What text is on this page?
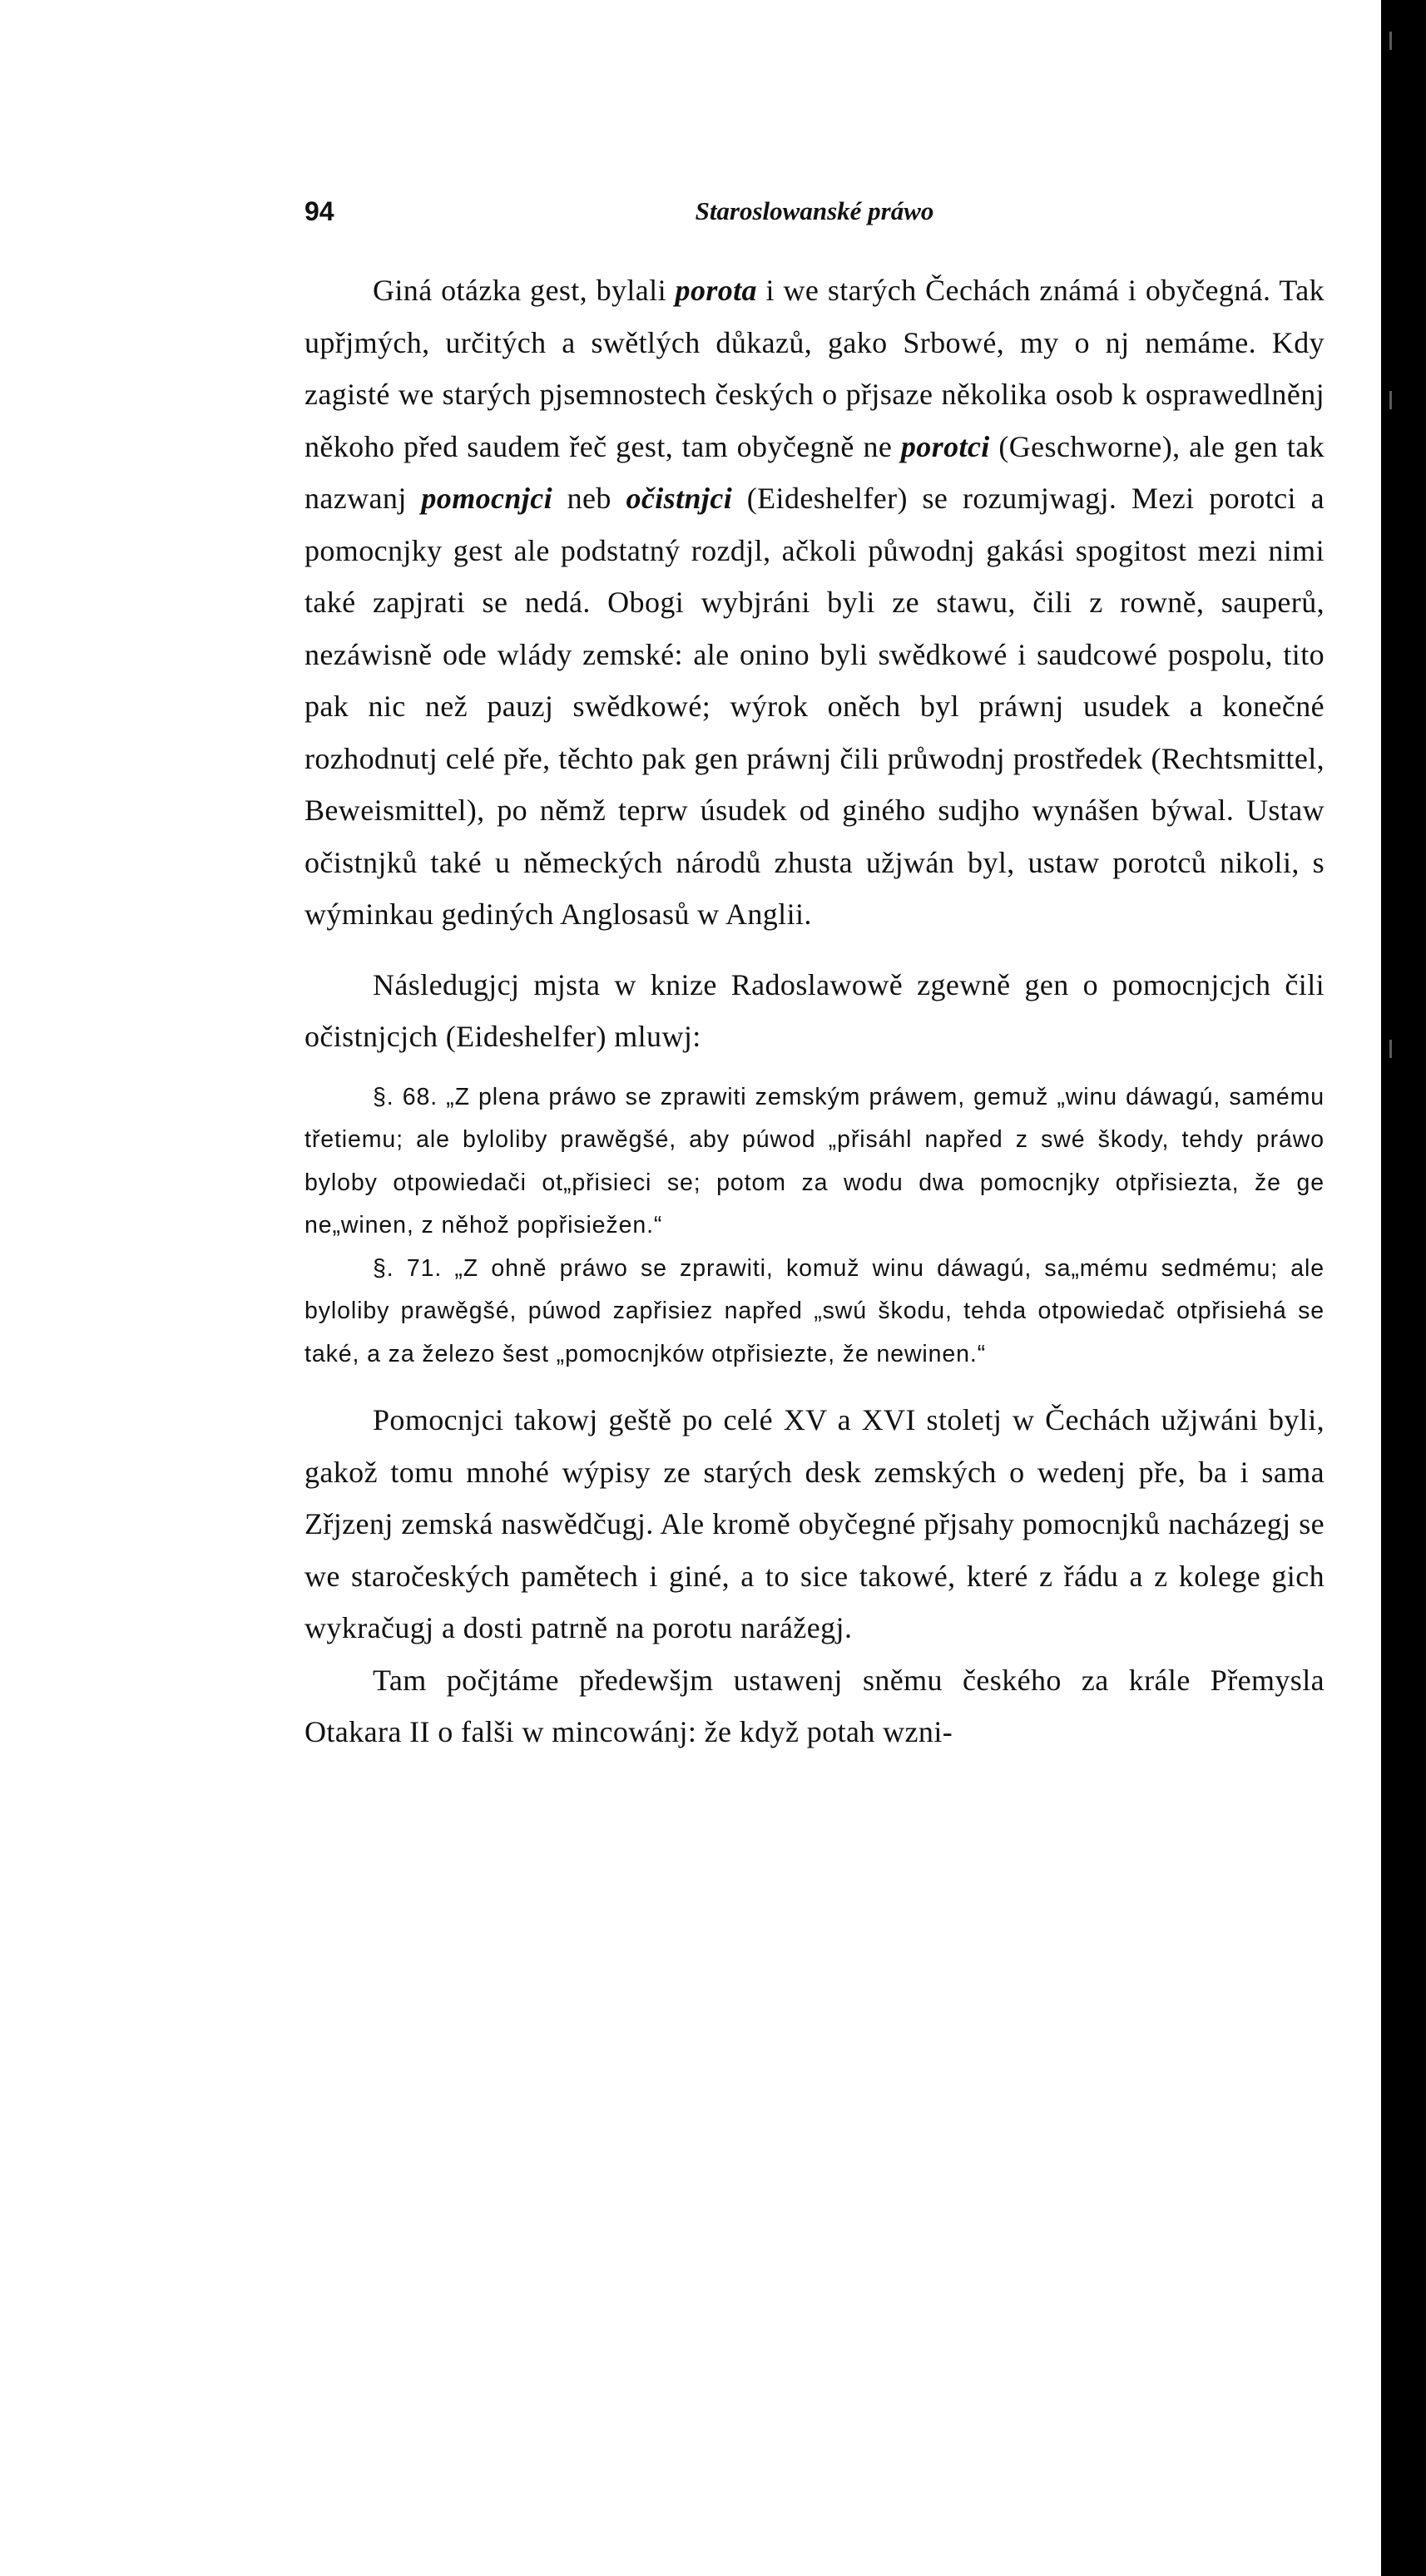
94	Staroslowanské práwo

Giná otázka gest, bylali porota i we starých Čechách známá i obyčegná. Tak upřjmých, určitých a swětlých důkazů, gako Srbowé, my o nj nemáme. Kdy zagisté we starých pjsemnostech českých o přjsaze několika osob k osprawedlněnj někoho před saudem řeč gest, tam obyčegně ne porotci (Geschworne), ale gen tak nazwanj pomocnjci neb očistnjci (Eideshelfer) se rozumjwagj. Mezi porotci a pomocnjky gest ale podstatný rozdjl, ačkoli půwodnj gakási spogitost mezi nimi také zapjrati se nedá. Obogi wybjráni byli ze stawu, čili z rowně, sauperů, nezáwisně ode wlády zemské: ale onino byli swědkowé i saudcowé pospolu, tito pak nic než pauzj swědkowé; wýrok oněch byl práwnj usudek a konečné rozhodnutj celé pře, těchto pak gen práwnj čili průwodnj prostředek (Rechtsmittel, Beweismittel), po němž teprw úsudek od giného sudjho wynášen býwal. Ustaw očistnjků také u německých národů zhusta užjwán byl, ustaw porotců nikoli, s wýminkau gediných Anglosasů w Anglii.

Následugjcj mjsta w knize Radoslawowě zgewně gen o pomocnjcjch čili očistnjcjch (Eideshelfer) mluwj:

§. 68. „Z plena práwo se zprawiti zemským práwem, gemuž „winu dáwagú, samému třetiemu; ale byloliby prawěgšé, aby púwod „přisáhl napřed z swé škody, tehdy práwo byloby otpowiedači ot„přisieci se; potom za wodu dwa pomocnjky otpřisiezta, že ge ne„winen, z něhož popřisiežen.“

§. 71. „Z ohně práwo se zprawiti, komuž winu dáwagú, sa„mému sedmému; ale byloliby prawěgšé, púwod zapřisiez napřed „swú škodu, tehda otpowiedač otpřisiehá se také, a za železo šest „pomocnjków otpřisiezte, že newinen.“

Pomocnjci takowj geště po celé XV a XVI stoletj w Čechách užjwáni byli, gakož tomu mnohé wýpisy ze starých desk zemských o wedenj pře, ba i sama Zřjzenj zemská naswědčugj. Ale kromě obyčegné přjsahy pomocnjků nacházegj se we staročeských pamětech i giné, a to sice takowé, které z řádu a z kolege gich wykračugj a dosti patrně na porotu narážegj.

Tam počjtáme předewšjm ustawenj sněmu českého za krále Přemysla Otakara II o falši w mincowánj: že když potah wzni-
